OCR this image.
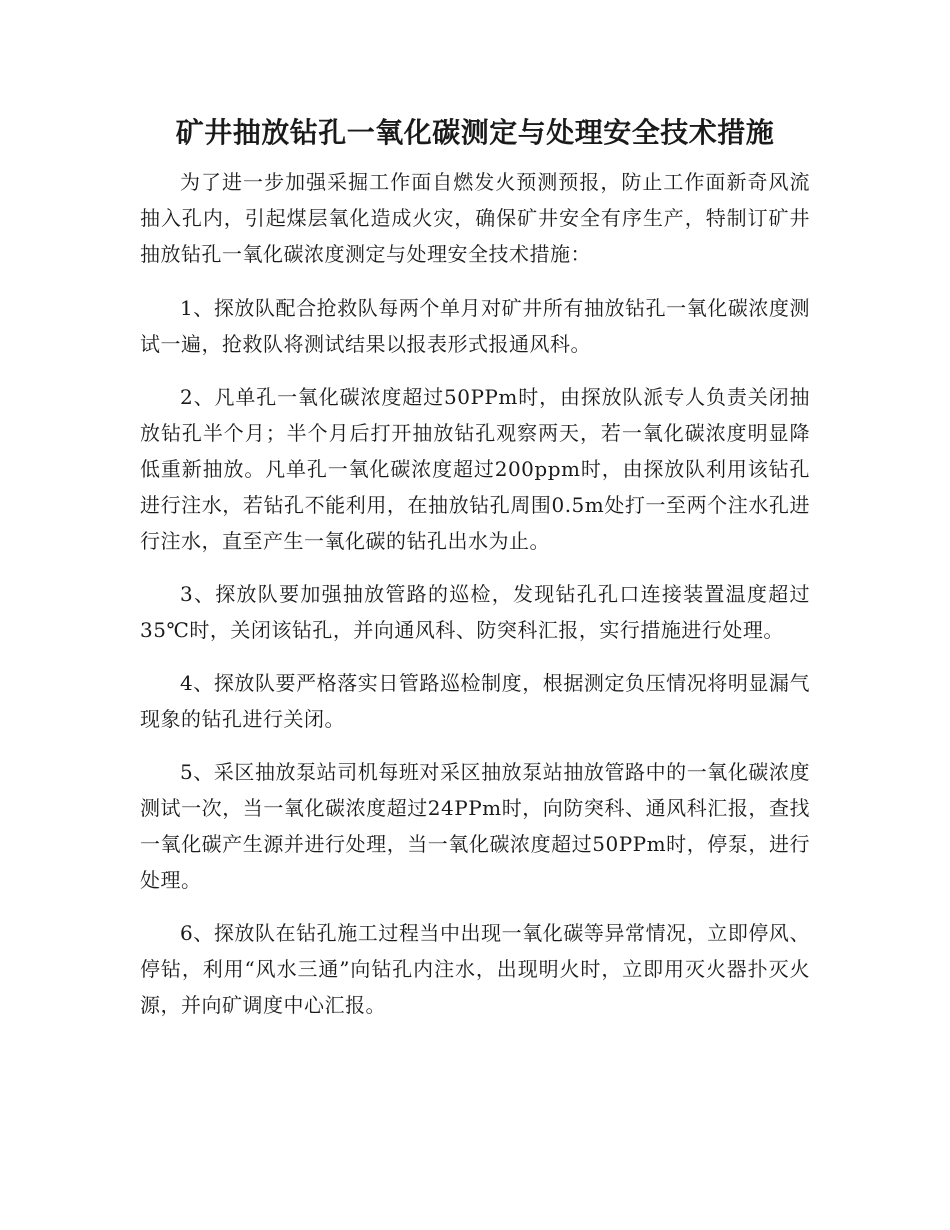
矿井抽放钻孔一氧化碳测定与处理安全技术措施

为了进一步加强采掘工作面自燃发火预测预报，防止工作面新奇风流抽入孔内，引起煤层氧化造成火灾，确保矿井安全有序生产，特制订矿井抽放钻孔一氧化碳浓度测定与处理安全技术措施：

1、探放队配合抢救队每两个单月对矿井所有抽放钻孔一氧化碳浓度测试一遍，抢救队将测试结果以报表形式报通风科。

2、凡单孔一氧化碳浓度超过50PPm时，由探放队派专人负责关闭抽放钻孔半个月；半个月后打开抽放钻孔观察两天，若一氧化碳浓度明显降低重新抽放。凡单孔一氧化碳浓度超过200ppm时，由探放队利用该钻孔进行注水，若钻孔不能利用，在抽放钻孔周围0.5m处打一至两个注水孔进行注水，直至产生一氧化碳的钻孔出水为止。

3、探放队要加强抽放管路的巡检，发现钻孔孔口连接装置温度超过35℃时，关闭该钻孔，并向通风科、防突科汇报，实行措施进行处理。

4、探放队要严格落实日管路巡检制度，根据测定负压情况将明显漏气现象的钻孔进行关闭。

5、采区抽放泵站司机每班对采区抽放泵站抽放管路中的一氧化碳浓度测试一次，当一氧化碳浓度超过24PPm时，向防突科、通风科汇报，查找一氧化碳产生源并进行处理，当一氧化碳浓度超过50PPm时，停泵，进行处理。

6、探放队在钻孔施工过程当中出现一氧化碳等异常情况，立即停风、停钻，利用“风水三通”向钻孔内注水，出现明火时，立即用灭火器扑灭火源，并向矿调度中心汇报。
